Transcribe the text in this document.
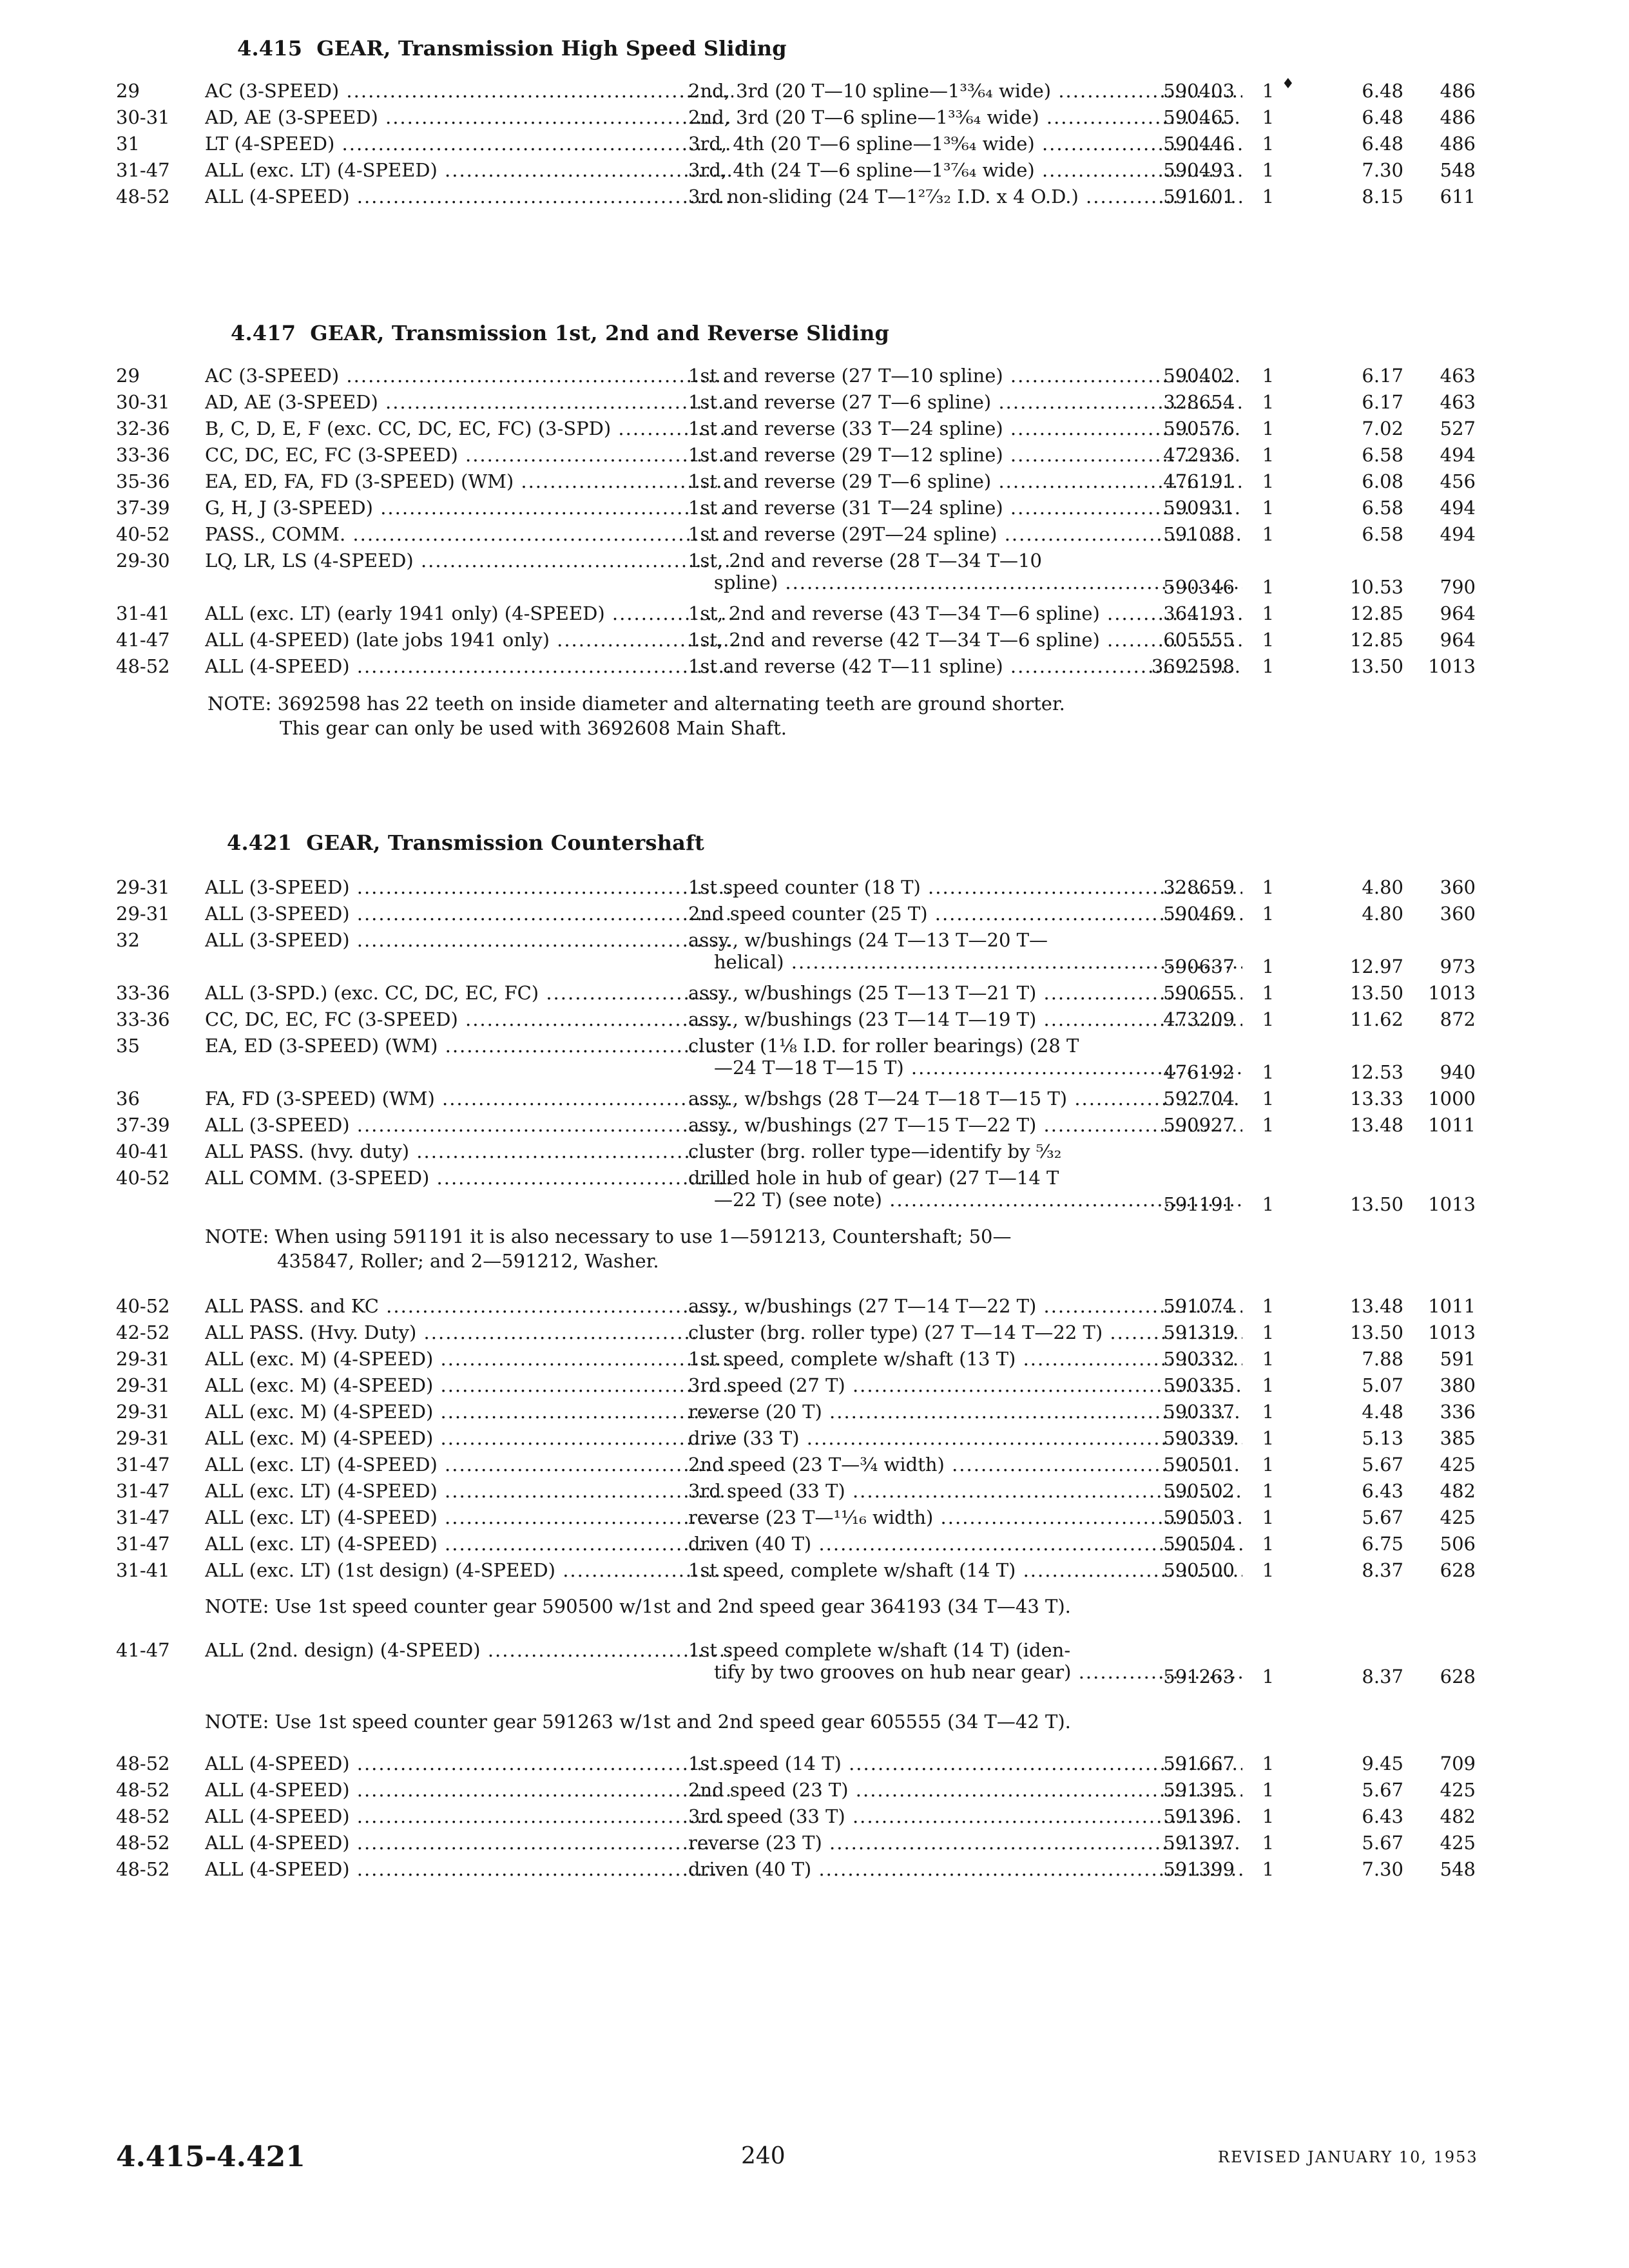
4.415 GEAR, Transmission High Speed Sliding
♦
29	AC (3-SPEED) .....	2nd, 3rd (20 T—10 spline—1³³⁄₆₄ wide) .....	590403	1	6.48	486
30-31	AD, AE (3-SPEED) .....	2nd, 3rd (20 T—6 spline—1³³⁄₆₄ wide) .....	590465	1	6.48	486
31	LT (4-SPEED) .....	3rd, 4th (20 T—6 spline—1³⁹⁄₆₄ wide) .....	590446	1	6.48	486
31-47	ALL (exc. LT) (4-SPEED) .....	3rd, 4th (24 T—6 spline—1³⁷⁄₆₄ wide) .....	590493	1	7.30	548
48-52	ALL (4-SPEED) .....	3rd non-sliding (24 T—1²⁷⁄₃₂ I.D. x 4 O.D.) .....	591601	1	8.15	611
4.417 GEAR, Transmission 1st, 2nd and Reverse Sliding
29	AC (3-SPEED) .....	1st and reverse (27 T—10 spline) .....	590402	1	6.17	463
30-31	AD, AE (3-SPEED) .....	1st and reverse (27 T—6 spline) .....	328654	1	6.17	463
32-36	B, C, D, E, F (exc. CC, DC, EC, FC) (3-SPD) .....	1st and reverse (33 T—24 spline) .....	590576	1	7.02	527
33-36	CC, DC, EC, FC (3-SPEED) .....	1st and reverse (29 T—12 spline) .....	472936	1	6.58	494
35-36	EA, ED, FA, FD (3-SPEED) (WM) .....	1st and reverse (29 T—6 spline) .....	476191	1	6.08	456
37-39	G, H, J (3-SPEED) .....	1st and reverse (31 T—24 spline) .....	590931	1	6.58	494
40-52	PASS., COMM. .....	1st and reverse (29T—24 spline) .....	591088	1	6.58	494
29-30	LQ, LR, LS (4-SPEED) .....	1st, 2nd and reverse (28 T—34 T—10
spline) .....	590346	1	10.53	790
31-41	ALL (exc. LT) (early 1941 only) (4-SPEED) .....	1st, 2nd and reverse (43 T—34 T—6 spline) .....	364193	1	12.85	964
41-47	ALL (4-SPEED) (late jobs 1941 only) .....	1st, 2nd and reverse (42 T—34 T—6 spline) .....	605555	1	12.85	964
48-52	ALL (4-SPEED) .....	1st and reverse (42 T—11 spline) .....	3692598	1	13.50	1013
NOTE: 3692598 has 22 teeth on inside diameter and alternating teeth are ground shorter.
This gear can only be used with 3692608 Main Shaft.
4.421 GEAR, Transmission Countershaft
29-31	ALL (3-SPEED) .....	1st speed counter (18 T) .....	328659	1	4.80	360
29-31	ALL (3-SPEED) .....	2nd speed counter (25 T) .....	590469	1	4.80	360
32	ALL (3-SPEED) .....	assy., w/bushings (24 T—13 T—20 T—
helical) .....	590637	1	12.97	973
33-36	ALL (3-SPD.) (exc. CC, DC, EC, FC) .....	assy., w/bushings (25 T—13 T—21 T) .....	590655	1	13.50	1013
33-36	CC, DC, EC, FC (3-SPEED) .....	assy., w/bushings (23 T—14 T—19 T) .....	473209	1	11.62	872
35	EA, ED (3-SPEED) (WM) .....	cluster (1⅛ I.D. for roller bearings) (28 T
—24 T—18 T—15 T) .....	476192	1	12.53	940
36	FA, FD (3-SPEED) (WM) .....	assy., w/bshgs (28 T—24 T—18 T—15 T) .....	592704	1	13.33	1000
37-39	ALL (3-SPEED) .....	assy., w/bushings (27 T—15 T—22 T) .....	590927	1	13.48	1011
40-41	ALL PASS. (hvy. duty) .....	cluster (brg. roller type—identify by ⁵⁄₃₂
40-52	ALL COMM. (3-SPEED) .....	drilled hole in hub of gear) (27 T—14 T
—22 T) (see note) .....	591191	1	13.50	1013
NOTE: When using 591191 it is also necessary to use 1—591213, Countershaft; 50—
435847, Roller; and 2—591212, Washer.
40-52	ALL PASS. and KC .....	assy., w/bushings (27 T—14 T—22 T) .....	591074	1	13.48	1011
42-52	ALL PASS. (Hvy. Duty) .....	cluster (brg. roller type) (27 T—14 T—22 T) .....	591319	1	13.50	1013
29-31	ALL (exc. M) (4-SPEED) .....	1st speed, complete w/shaft (13 T) .....	590332	1	7.88	591
29-31	ALL (exc. M) (4-SPEED) .....	3rd speed (27 T) .....	590335	1	5.07	380
29-31	ALL (exc. M) (4-SPEED) .....	reverse (20 T) .....	590337	1	4.48	336
29-31	ALL (exc. M) (4-SPEED) .....	drive (33 T) .....	590339	1	5.13	385
31-47	ALL (exc. LT) (4-SPEED) .....	2nd speed (23 T—¾ width) .....	590501	1	5.67	425
31-47	ALL (exc. LT) (4-SPEED) .....	3rd speed (33 T) .....	590502	1	6.43	482
31-47	ALL (exc. LT) (4-SPEED) .....	reverse (23 T—¹¹⁄₁₆ width) .....	590503	1	5.67	425
31-47	ALL (exc. LT) (4-SPEED) .....	driven (40 T) .....	590504	1	6.75	506
31-41	ALL (exc. LT) (1st design) (4-SPEED) .....	1st speed, complete w/shaft (14 T) .....	590500	1	8.37	628
NOTE: Use 1st speed counter gear 590500 w/1st and 2nd speed gear 364193 (34 T—43 T).
41-47	ALL (2nd. design) (4-SPEED) .....	1st speed complete w/shaft (14 T) (iden-
tify by two grooves on hub near gear) .....	591263	1	8.37	628
NOTE: Use 1st speed counter gear 591263 w/1st and 2nd speed gear 605555 (34 T—42 T).
48-52	ALL (4-SPEED) .....	1st speed (14 T) .....	591667	1	9.45	709
48-52	ALL (4-SPEED) .....	2nd speed (23 T) .....	591395	1	5.67	425
48-52	ALL (4-SPEED) .....	3rd speed (33 T) .....	591396	1	6.43	482
48-52	ALL (4-SPEED) .....	reverse (23 T) .....	591397	1	5.67	425
48-52	ALL (4-SPEED) .....	driven (40 T) .....	591399	1	7.30	548
4.415-4.421	240	REVISED JANUARY 10, 1953
